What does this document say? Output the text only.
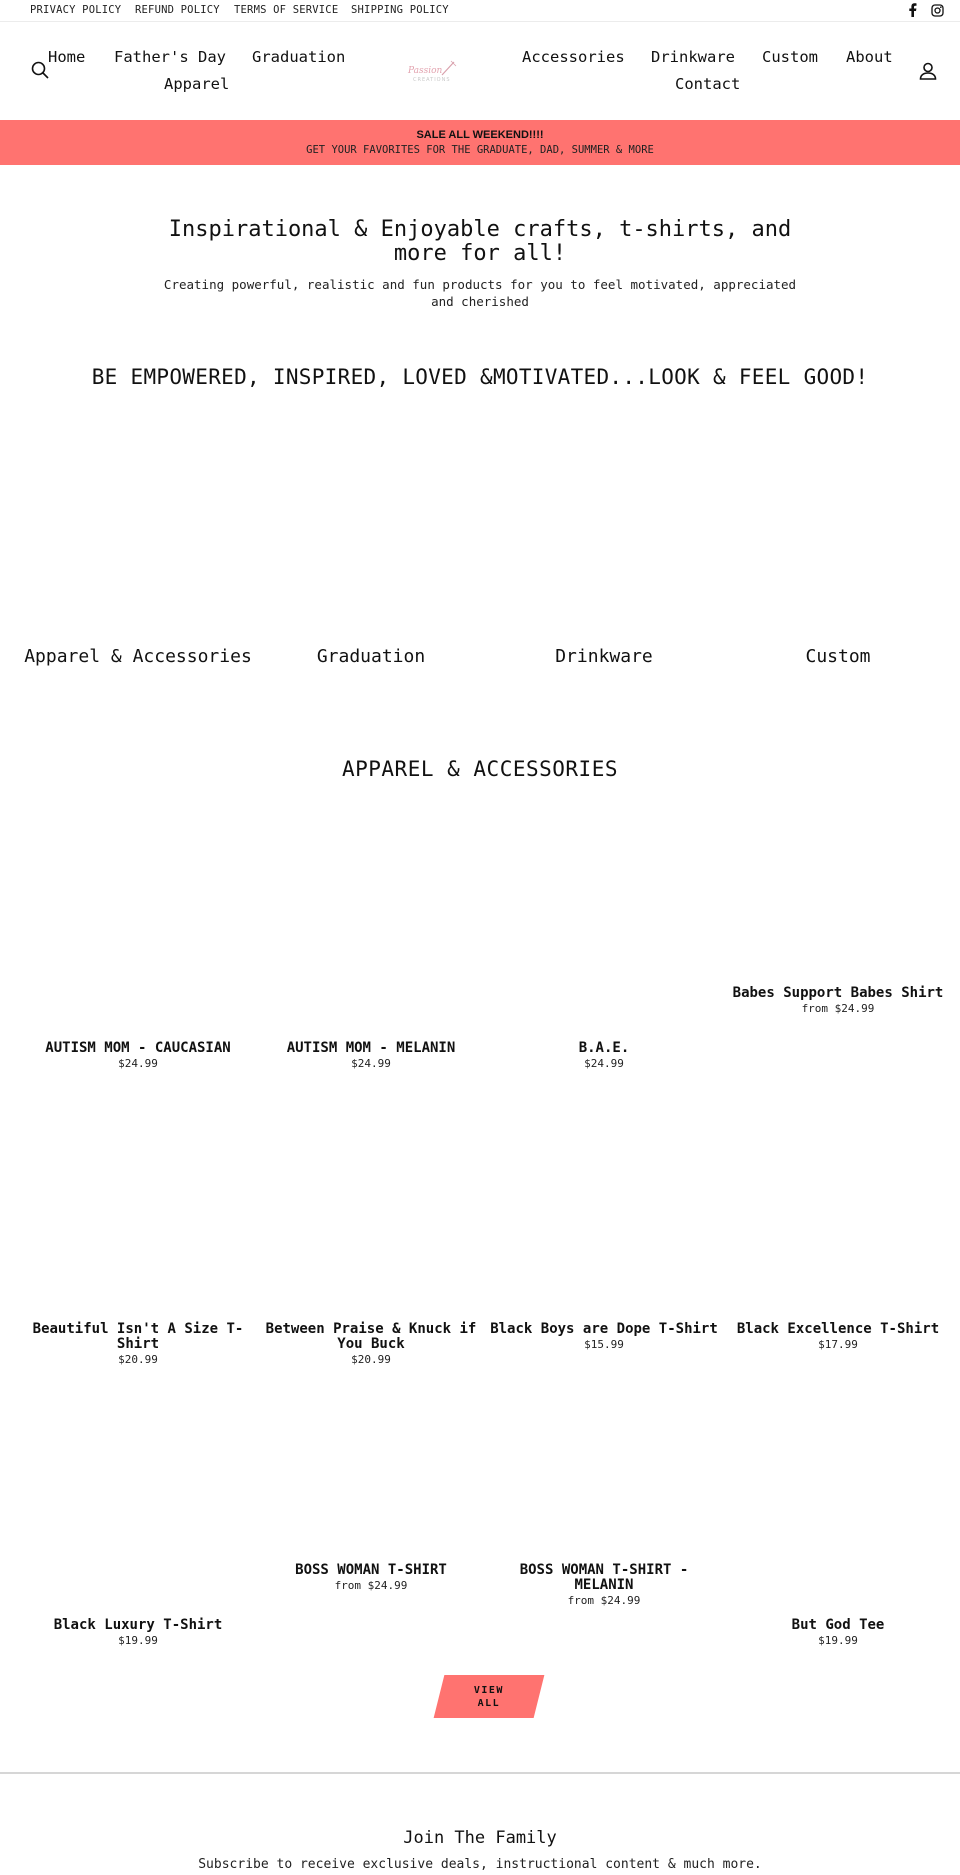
PRIVACY POLICY REFUND POLICY TERMS OF SERVICE SHIPPING POLICY
Home Father's Day Graduation
Apparel
Passion
CREATIONS
Accessories Drinkware Custom About
Contact
SALE ALL WEEKEND!!!!
GET YOUR FAVORITES FOR THE GRADUATE, DAD, SUMMER & MORE
Inspirational & Enjoyable crafts, t-shirts, and more for all!
Creating powerful, realistic and fun products for you to feel motivated, appreciated and cherished
BE EMPOWERED, INSPIRED, LOVED &MOTIVATED...LOOK & FEEL GOOD!
Apparel & Accessories	Graduation	Drinkware	Custom
APPAREL & ACCESSORIES
AUTISM MOM - CAUCASIAN
$24.99
AUTISM MOM - MELANIN
$24.99
B.A.E.
$24.99
Babes Support Babes Shirt
from $24.99
Beautiful Isn't A Size T-Shirt
$20.99
Between Praise & Knuck if You Buck
$20.99
Black Boys are Dope T-Shirt
$15.99
Black Excellence T-Shirt
$17.99
Black Luxury T-Shirt
$19.99
BOSS WOMAN T-SHIRT
from $24.99
BOSS WOMAN T-SHIRT - MELANIN
from $24.99
But God Tee
$19.99
VIEW ALL
Join The Family
Subscribe to receive exclusive deals, instructional content & much more.
